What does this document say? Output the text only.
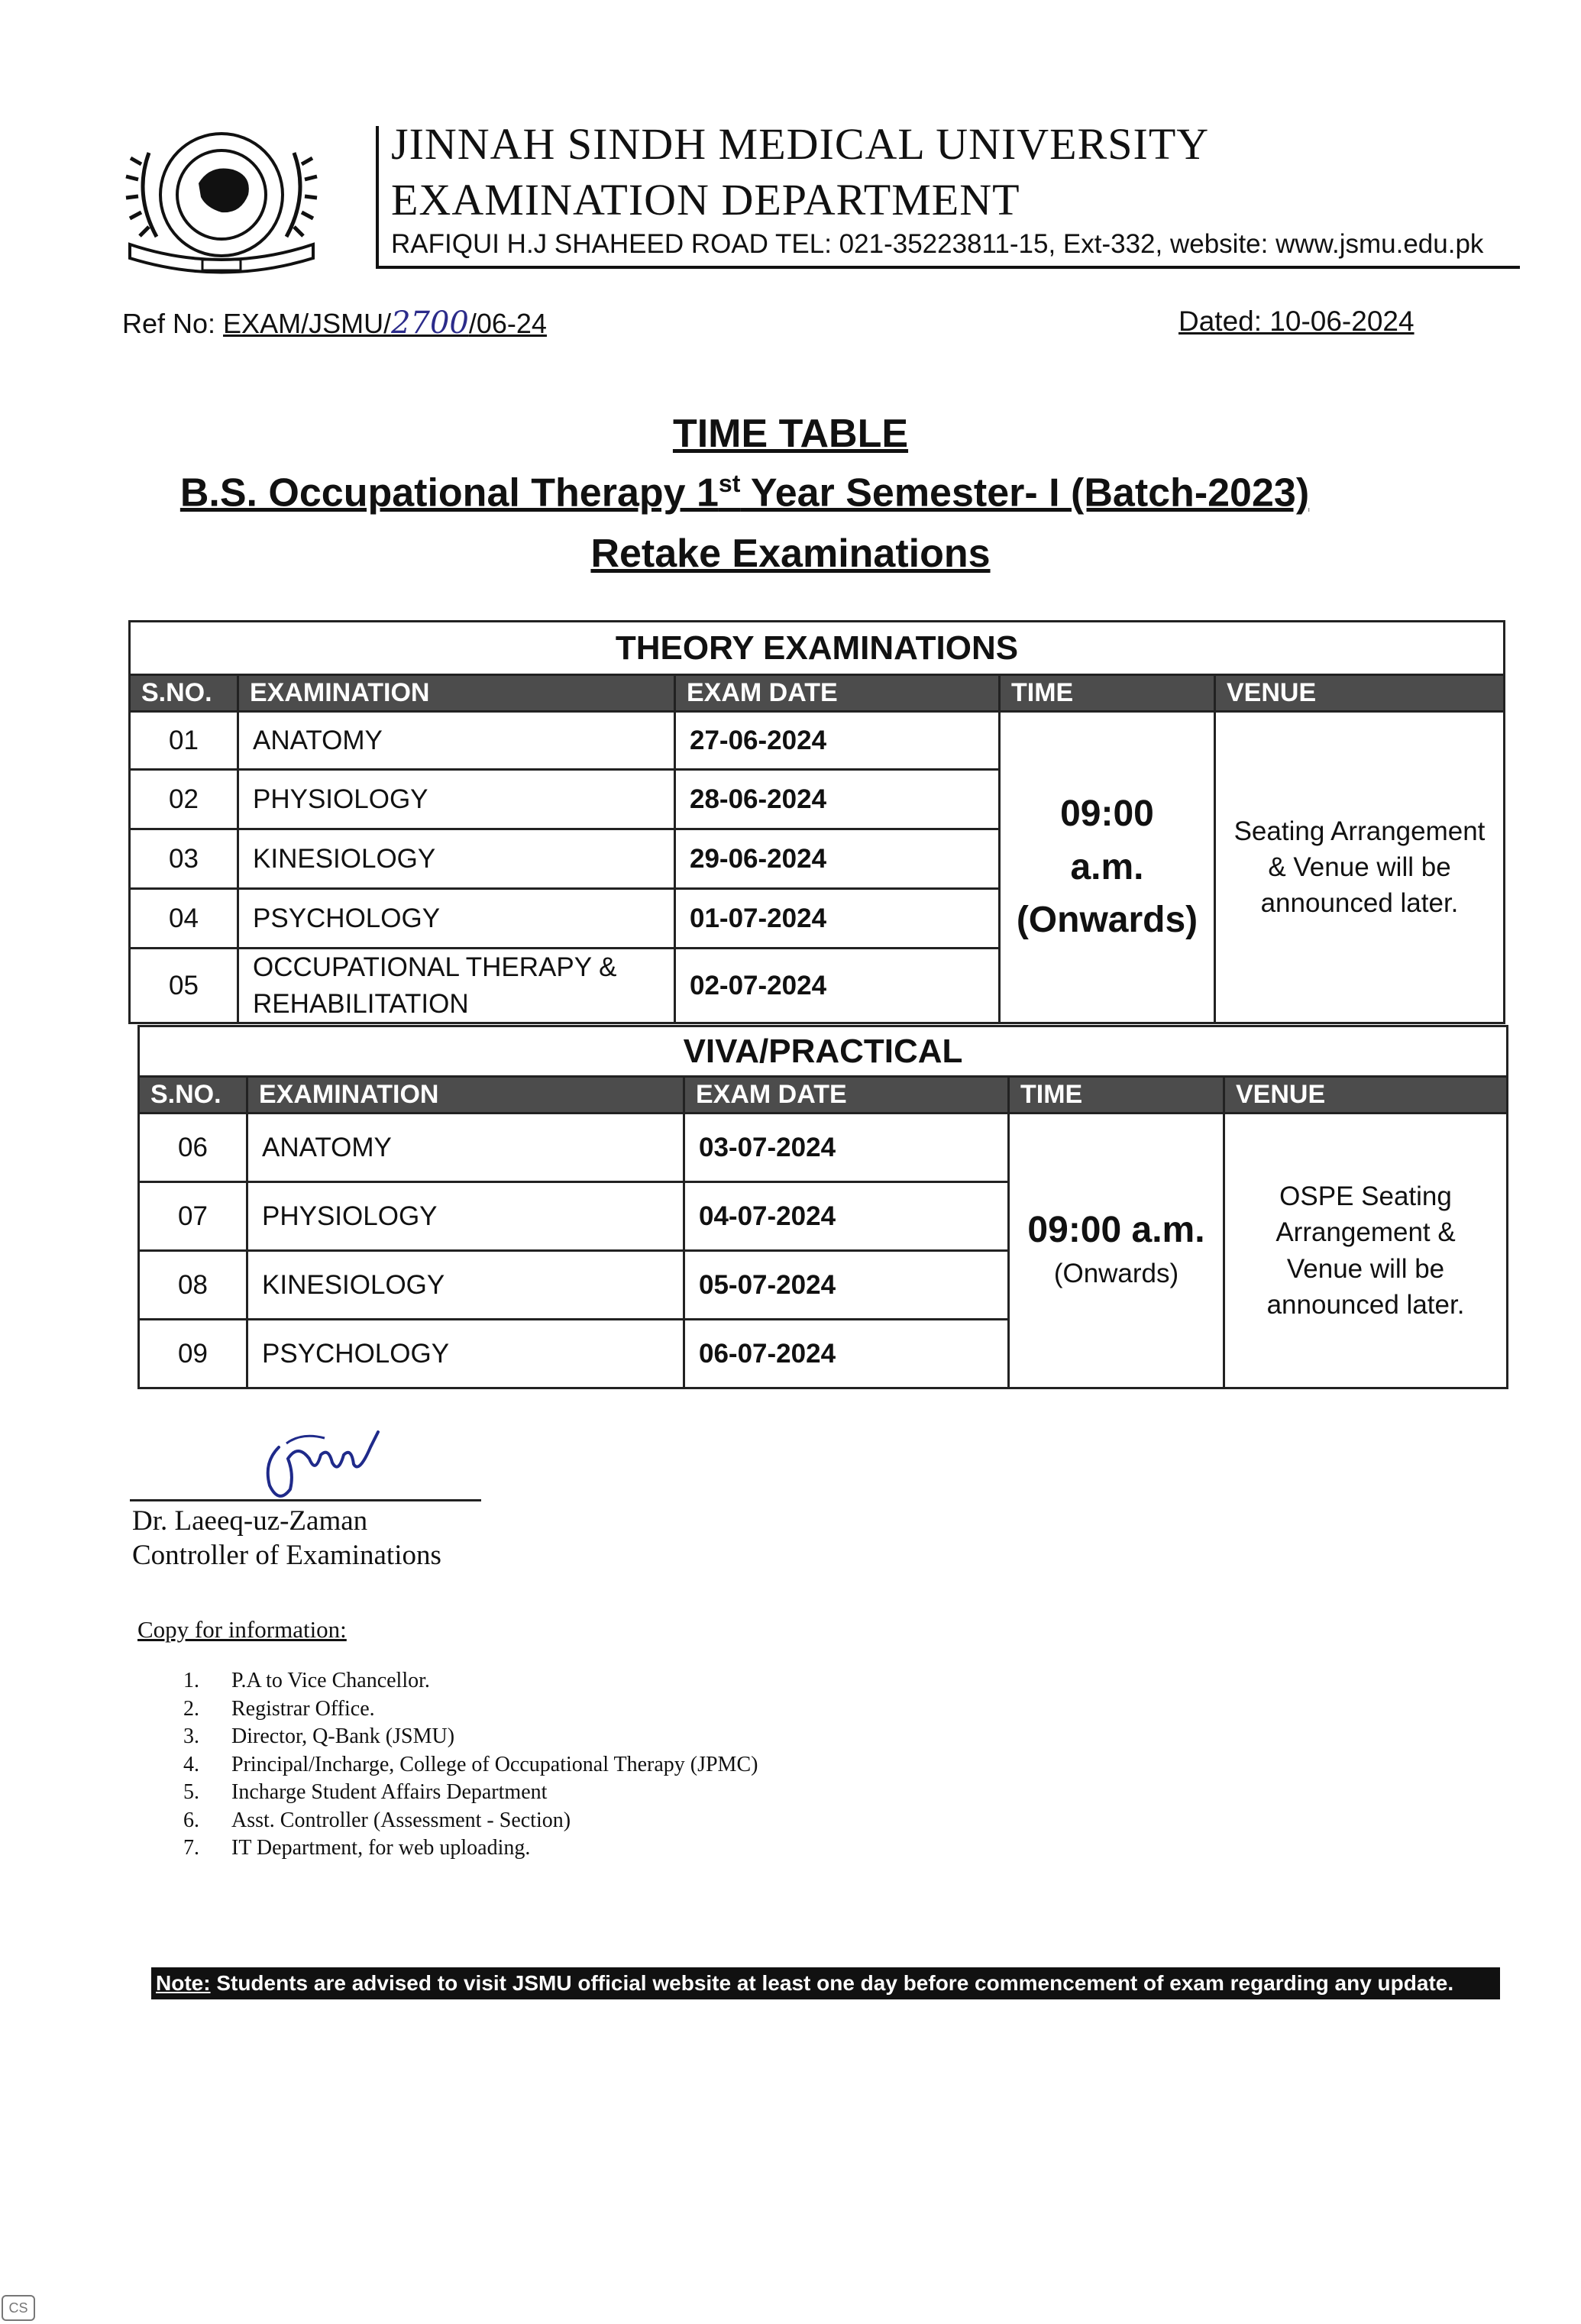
JINNAH SINDH MEDICAL UNIVERSITY
EXAMINATION DEPARTMENT
RAFIQUI H.J SHAHEED ROAD TEL: 021-35223811-15, Ext-332, website: www.jsmu.edu.pk
Ref No: EXAM/JSMU/2700/06-24	Dated: 10-06-2024
TIME TABLE
B.S. Occupational Therapy 1st Year Semester- I (Batch-2023)
Retake Examinations
THEORY EXAMINATIONS				
S.NO.	EXAMINATION	EXAM DATE	TIME	VENUE
01	ANATOMY	27-06-2024	09:00
a.m.
(Onwards)	Seating Arrangement & Venue will be announced later.
02	PHYSIOLOGY	28-06-2024		
03	KINESIOLOGY	29-06-2024		
04	PSYCHOLOGY	01-07-2024		
05	OCCUPATIONAL THERAPY & REHABILITATION	02-07-2024		
VIVA/PRACTICAL				
S.NO.	EXAMINATION	EXAM DATE	TIME	VENUE
06	ANATOMY	03-07-2024	09:00 a.m.
(Onwards)	OSPE Seating Arrangement & Venue will be announced later.
07	PHYSIOLOGY	04-07-2024		
08	KINESIOLOGY	05-07-2024		
09	PSYCHOLOGY	06-07-2024		
Dr. Laeeq-uz-Zaman
Controller of Examinations
Copy for information:
1. P.A to Vice Chancellor.
2. Registrar Office.
3. Director, Q-Bank (JSMU)
4. Principal/Incharge, College of Occupational Therapy (JPMC)
5. Incharge Student Affairs Department
6. Asst. Controller (Assessment - Section)
7. IT Department, for web uploading.
Note: Students are advised to visit JSMU official website at least one day before commencement of exam regarding any update.
CS
